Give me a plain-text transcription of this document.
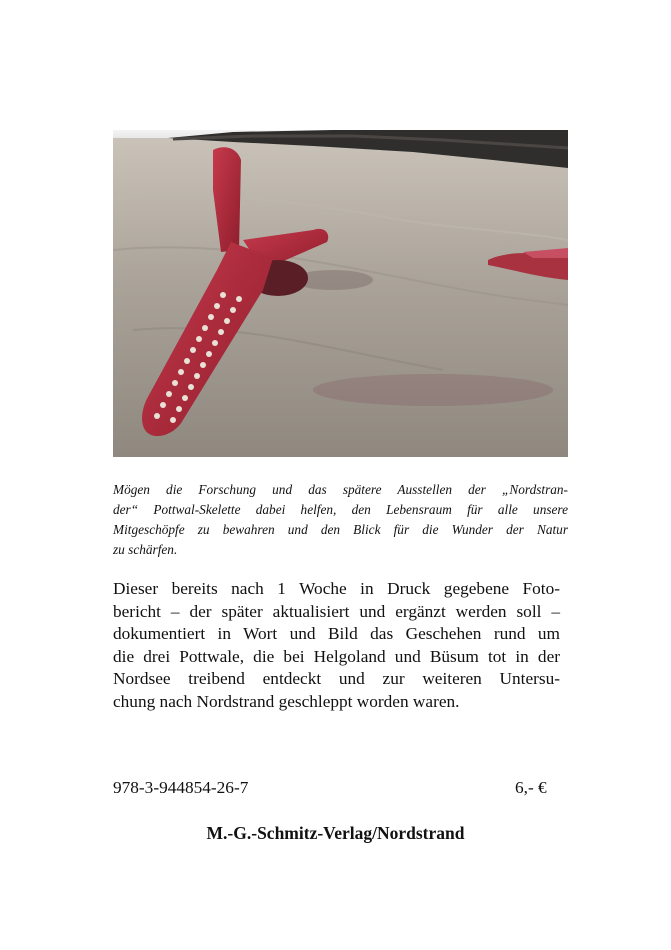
Mögen die Forschung und das spätere Ausstellen der „Nordstran-
der“ Pottwal-Skelette dabei helfen, den Lebensraum für alle unsere
Mitgeschöpfe zu bewahren und den Blick für die Wunder der Natur
zu schärfen.
Dieser bereits nach 1 Woche in Druck gegebene Foto-
bericht – der später aktualisiert und ergänzt werden soll –
dokumentiert in Wort und Bild das Geschehen rund um
die drei Pottwale, die bei Helgoland und Büsum tot in der
Nordsee treibend entdeckt und zur weiteren Untersu-
chung nach Nordstrand geschleppt worden waren.
978-3-944854-26-7	6,- €
M.-G.-Schmitz-Verlag/Nordstrand
